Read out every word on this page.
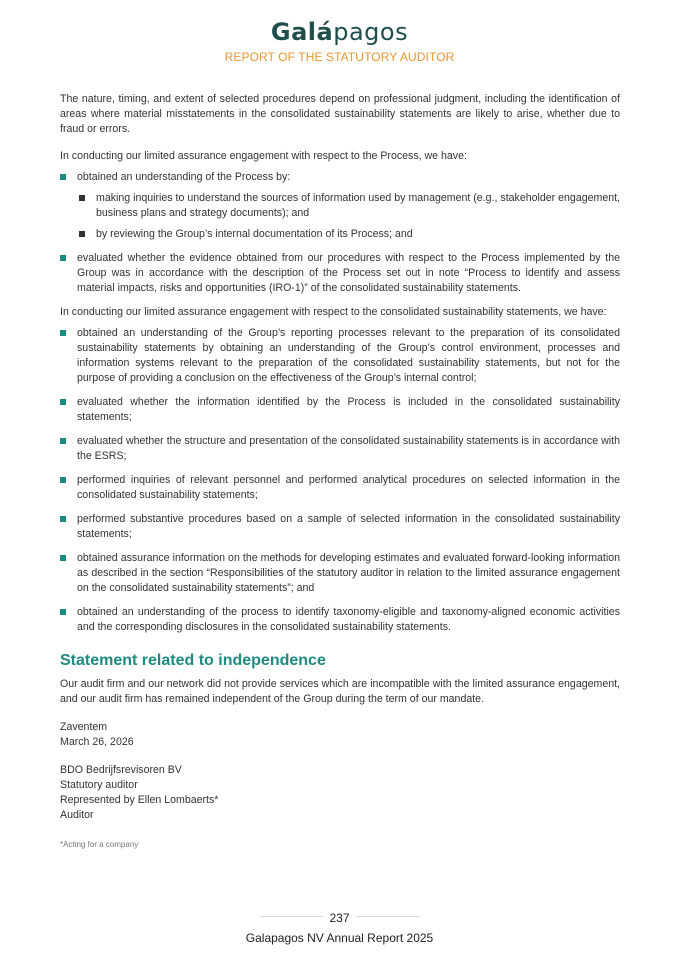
Galápagos
REPORT OF THE STATUTORY AUDITOR

The nature, timing, and extent of selected procedures depend on professional judgment, including the identification of areas where material misstatements in the consolidated sustainability statements are likely to arise, whether due to fraud or errors.

In conducting our limited assurance engagement with respect to the Process, we have:

obtained an understanding of the Process by:
making inquiries to understand the sources of information used by management (e.g., stakeholder engagement, business plans and strategy documents); and
by reviewing the Group’s internal documentation of its Process; and
evaluated whether the evidence obtained from our procedures with respect to the Process implemented by the Group was in accordance with the description of the Process set out in note “Process to identify and assess material impacts, risks and opportunities (IRO-1)” of the consolidated sustainability statements.

In conducting our limited assurance engagement with respect to the consolidated sustainability statements, we have:

obtained an understanding of the Group’s reporting processes relevant to the preparation of its consolidated sustainability statements by obtaining an understanding of the Group’s control environment, processes and information systems relevant to the preparation of the consolidated sustainability statements, but not for the purpose of providing a conclusion on the effectiveness of the Group’s internal control;
evaluated whether the information identified by the Process is included in the consolidated sustainability statements;
evaluated whether the structure and presentation of the consolidated sustainability statements is in accordance with the ESRS;
performed inquiries of relevant personnel and performed analytical procedures on selected information in the consolidated sustainability statements;
performed substantive procedures based on a sample of selected information in the consolidated sustainability statements;
obtained assurance information on the methods for developing estimates and evaluated forward-looking information as described in the section “Responsibilities of the statutory auditor in relation to the limited assurance engagement on the consolidated sustainability statements”; and
obtained an understanding of the process to identify taxonomy-eligible and taxonomy-aligned economic activities and the corresponding disclosures in the consolidated sustainability statements.
Statement related to independence

Our audit firm and our network did not provide services which are incompatible with the limited assurance engagement, and our audit firm has remained independent of the Group during the term of our mandate.

Zaventem
March 26, 2026
BDO Bedrijfsrevisoren BV
Statutory auditor
Represented by Ellen Lombaerts*
Auditor
*Acting for a company
237
Galapagos NV Annual Report 2025
